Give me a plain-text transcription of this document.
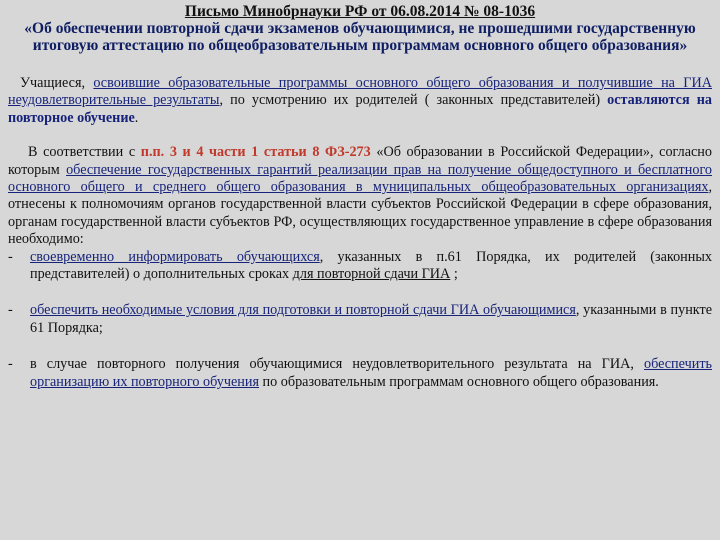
Письмо Минобрнауки РФ от 06.08.2014 № 08-1036
«Об обеспечении повторной сдачи экзаменов обучающимися, не прошедшими государственную итоговую аттестацию по общеобразовательным программам основного общего образования»

Учащиеся, освоившие образовательные программы основного общего образования и получившие на ГИА неудовлетворительные результаты, по усмотрению их родителей ( законных представителей) оставляются на повторное обучение.

В соответствии с п.п. 3 и 4 части 1 статьи 8 ФЗ-273 «Об образовании в Российской Федерации», согласно которым обеспечение государственных гарантий реализации прав на получение общедоступного и бесплатного основного общего и среднего общего образования в муниципальных общеобразовательных организациях, отнесены к полномочиям органов государственной власти субъектов Российской Федерации в сфере образования, органам государственной власти субъектов РФ, осуществляющих государственное управление в сфере образования необходимо:

- своевременно информировать обучающихся, указанных в п.61 Порядка, их родителей (законных представителей) о дополнительных сроках для повторной сдачи ГИА ;

- обеспечить необходимые условия для подготовки и повторной сдачи ГИА обучающимися, указанными в пункте 61 Порядка;

- в случае повторного получения обучающимися неудовлетворительного результата на ГИА, обеспечить организацию их повторного обучения по образовательным программам основного общего образования.
